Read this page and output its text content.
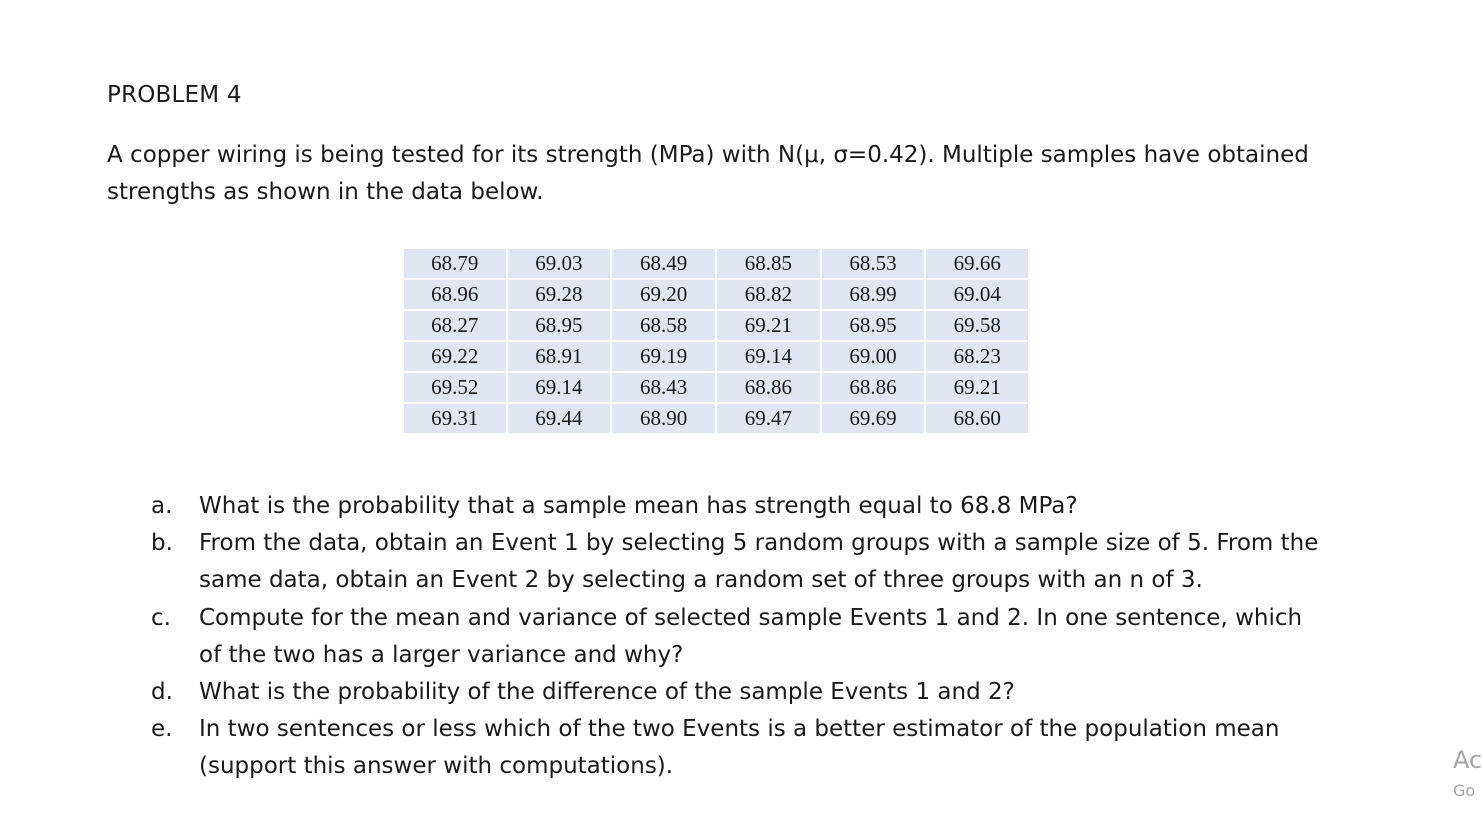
PROBLEM 4

A copper wiring is being tested for its strength (MPa) with N(μ, σ=0.42). Multiple samples have obtained strengths as shown in the data below.

68.79	69.03	68.49	68.85	68.53	69.66
68.96	69.28	69.20	68.82	68.99	69.04
68.27	68.95	68.58	69.21	68.95	69.58
69.22	68.91	69.19	69.14	69.00	68.23
69.52	69.14	68.43	68.86	68.86	69.21
69.31	69.44	68.90	69.47	69.69	68.60
a. What is the probability that a sample mean has strength equal to 68.8 MPa?
b. From the data, obtain an Event 1 by selecting 5 random groups with a sample size of 5. From the same data, obtain an Event 2 by selecting a random set of three groups with an n of 3.
c. Compute for the mean and variance of selected sample Events 1 and 2. In one sentence, which of the two has a larger variance and why?
d. What is the probability of the difference of the sample Events 1 and 2?
e. In two sentences or less which of the two Events is a better estimator of the population mean (support this answer with computations).	Ac
Go
